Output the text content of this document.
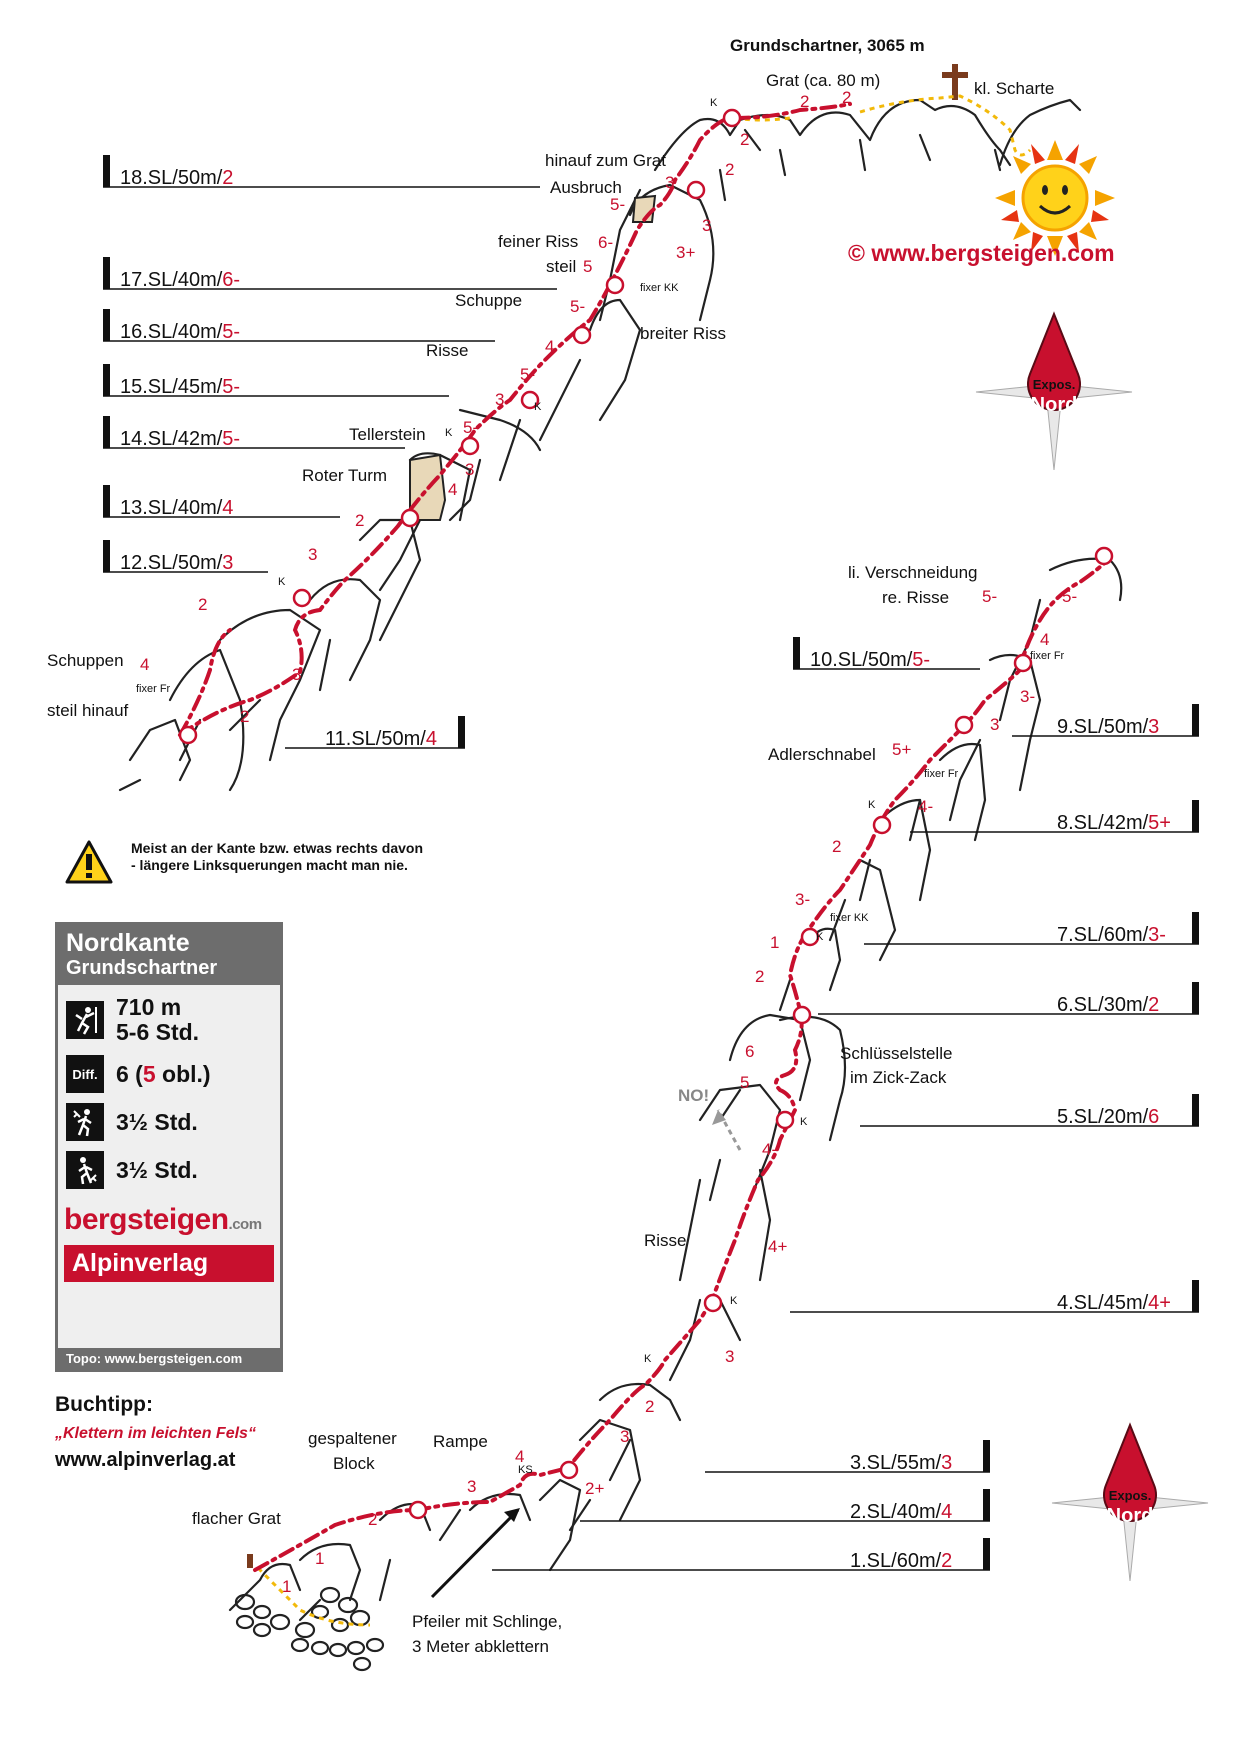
2 2
2
2
3
5-
3
3+
6-
5
5-
4
5-
3
5-
3
4
2
3
2
4
3
2
5-	5-
4
3-
3
5+
4-
2
3-
1
2
6
5
4-
4+
3
2
3
4
3
2
2+
1
1
K
fixer KK
K
K
K
fixer Fr
fixer Fr
fixer Fr
K
fixer KK
K
K
K
K
KS
Grundschartner, 3065 m
Grat (ca. 80 m)	kl. Scharte
hinauf zum Grat
Ausbruch
feiner Riss
steil
Schuppe
breiter Riss
Risse
Tellerstein
Roter Turm
Schuppen
steil hinauf
li. Verschneidung
re. Risse
Adlerschnabel
Schlüsselstelle
im Zick-Zack
NO!
Risse
gespaltener
Block
Rampe
flacher Grat
Pfeiler mit Schlinge,
3 Meter abklettern
18.SL/50m/2
17.SL/40m/6-
16.SL/40m/5-
15.SL/45m/5-
14.SL/42m/5-
13.SL/40m/4
12.SL/50m/3
11.SL/50m/4
10.SL/50m/5-
9.SL/50m/3
8.SL/42m/5+
7.SL/60m/3-
6.SL/30m/2
5.SL/20m/6
4.SL/45m/4+
3.SL/55m/3
2.SL/40m/4
1.SL/60m/2
Expos.
Nord
Expos.
Nord
© www.bergsteigen.com
Meist an der Kante bzw. etwas rechts davon - längere Linksquerungen macht man nie.
Nordkante
Grundschartner
710 m
5-6 Std.
Diff. 6 (5 obl.)
3½ Std.
3½ Std.
bergsteigen.com
Alpinverlag
Topo: www.bergsteigen.com
Buchtipp:
„Klettern im leichten Fels“
www.alpinverlag.at
